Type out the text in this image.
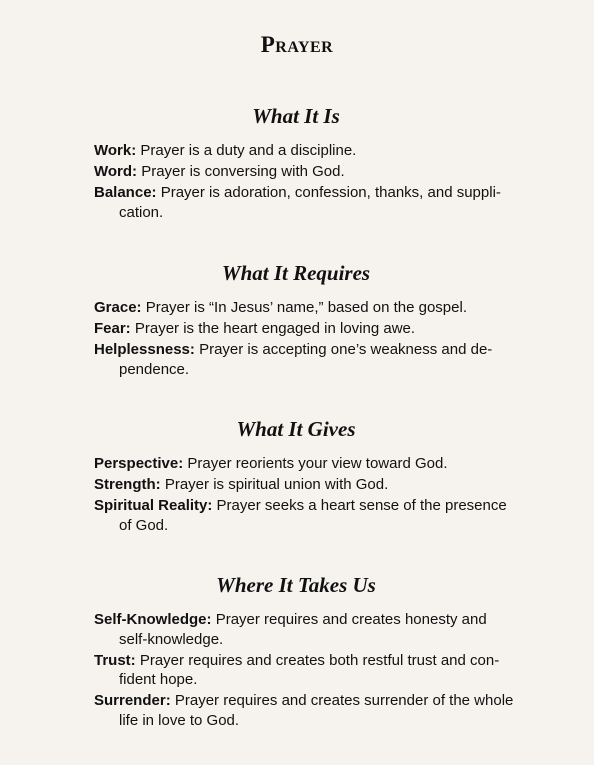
Prayer
What It Is
Work: Prayer is a duty and a discipline.
Word: Prayer is conversing with God.
Balance: Prayer is adoration, confession, thanks, and supplication.
What It Requires
Grace: Prayer is “In Jesus’ name,” based on the gospel.
Fear: Prayer is the heart engaged in loving awe.
Helplessness: Prayer is accepting one’s weakness and dependence.
What It Gives
Perspective: Prayer reorients your view toward God.
Strength: Prayer is spiritual union with God.
Spiritual Reality: Prayer seeks a heart sense of the presence of God.
Where It Takes Us
Self-Knowledge: Prayer requires and creates honesty and self-knowledge.
Trust: Prayer requires and creates both restful trust and confident hope.
Surrender: Prayer requires and creates surrender of the whole life in love to God.
